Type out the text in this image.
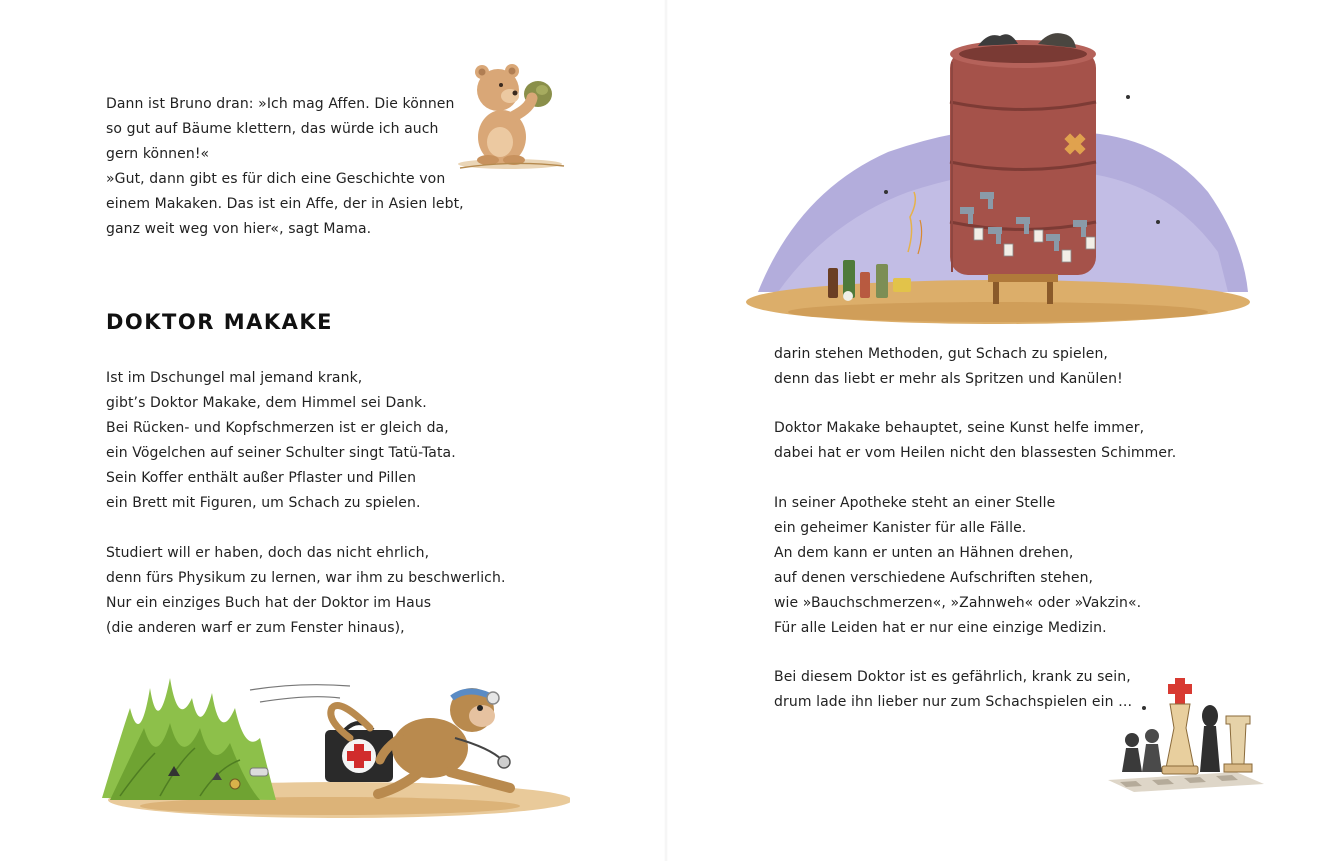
Dann ist Bruno dran: »Ich mag Affen. Die können
so gut auf Bäume klettern, das würde ich auch
gern können!«
»Gut, dann gibt es für dich eine Geschichte von
einem Makaken. Das ist ein Affe, der in Asien lebt,
ganz weit weg von hier«, sagt Mama.
DOKTOR MAKAKE
Ist im Dschungel mal jemand krank,
gibt’s Doktor Makake, dem Himmel sei Dank.
Bei Rücken- und Kopfschmerzen ist er gleich da,
ein Vögelchen auf seiner Schulter singt Tatü-Tata.
Sein Koffer enthält außer Pflaster und Pillen
ein Brett mit Figuren, um Schach zu spielen.
Studiert will er haben, doch das nicht ehrlich,
denn fürs Physikum zu lernen, war ihm zu beschwerlich.
Nur ein einziges Buch hat der Doktor im Haus
(die anderen warf er zum Fenster hinaus),
darin stehen Methoden, gut Schach zu spielen,
denn das liebt er mehr als Spritzen und Kanülen!
Doktor Makake behauptet, seine Kunst helfe immer,
dabei hat er vom Heilen nicht den blassesten Schimmer.
In seiner Apotheke steht an einer Stelle
ein geheimer Kanister für alle Fälle.
An dem kann er unten an Hähnen drehen,
auf denen verschiedene Aufschriften stehen,
wie »Bauchschmerzen«, »Zahnweh« oder »Vakzin«.
Für alle Leiden hat er nur eine einzige Medizin.
Bei diesem Doktor ist es gefährlich, krank zu sein,
drum lade ihn lieber nur zum Schachspielen ein …
